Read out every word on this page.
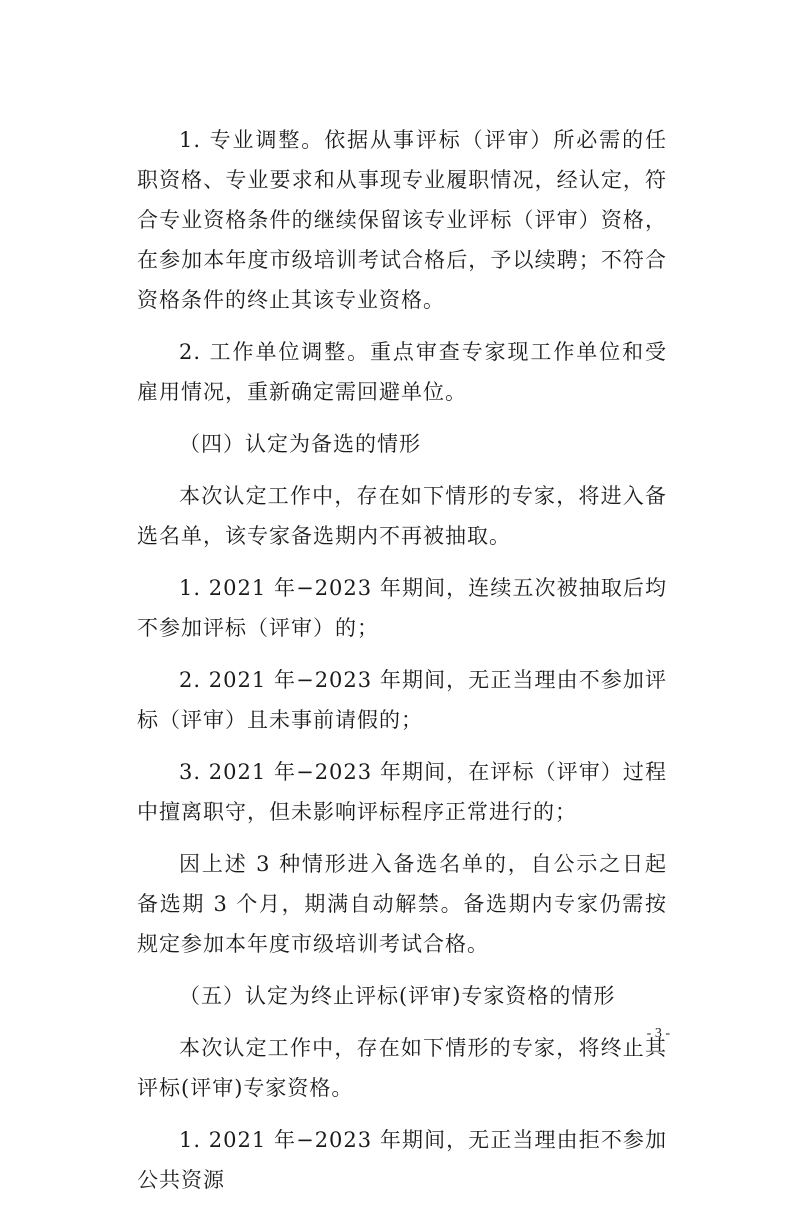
1. 专业调整。依据从事评标（评审）所必需的任职资格、专业要求和从事现专业履职情况，经认定，符合专业资格条件的继续保留该专业评标（评审）资格，在参加本年度市级培训考试合格后，予以续聘；不符合资格条件的终止其该专业资格。

2. 工作单位调整。重点审查专家现工作单位和受雇用情况，重新确定需回避单位。

（四）认定为备选的情形

本次认定工作中，存在如下情形的专家，将进入备选名单，该专家备选期内不再被抽取。

1. 2021 年−2023 年期间，连续五次被抽取后均不参加评标（评审）的；

2. 2021 年−2023 年期间，无正当理由不参加评标（评审）且未事前请假的；

3. 2021 年−2023 年期间，在评标（评审）过程中擅离职守，但未影响评标程序正常进行的；

因上述 3 种情形进入备选名单的，自公示之日起备选期 3 个月，期满自动解禁。备选期内专家仍需按规定参加本年度市级培训考试合格。

（五）认定为终止评标(评审)专家资格的情形

本次认定工作中，存在如下情形的专家，将终止其评标(评审)专家资格。

1. 2021 年−2023 年期间，无正当理由拒不参加公共资源

- 3 -
